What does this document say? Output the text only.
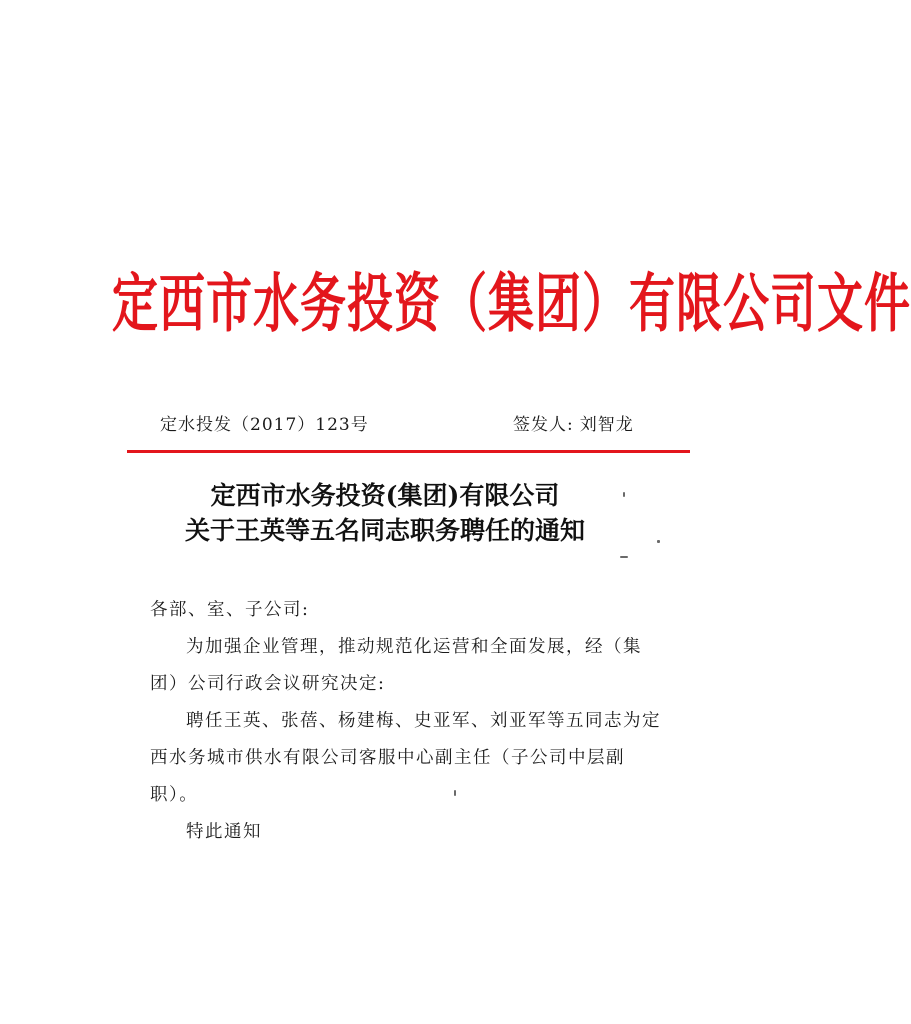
定西市水务投资（集团）有限公司文件
定水投发（2017）123号	签发人: 刘智龙
定西市水务投资(集团)有限公司
关于王英等五名同志职务聘任的通知

各部、室、子公司:

为加强企业管理，推动规范化运营和全面发展，经（集团）公司行政会议研究决定:

聘任王英、张蓓、杨建梅、史亚军、刘亚军等五同志为定西水务城市供水有限公司客服中心副主任（子公司中层副职）。

特此通知
